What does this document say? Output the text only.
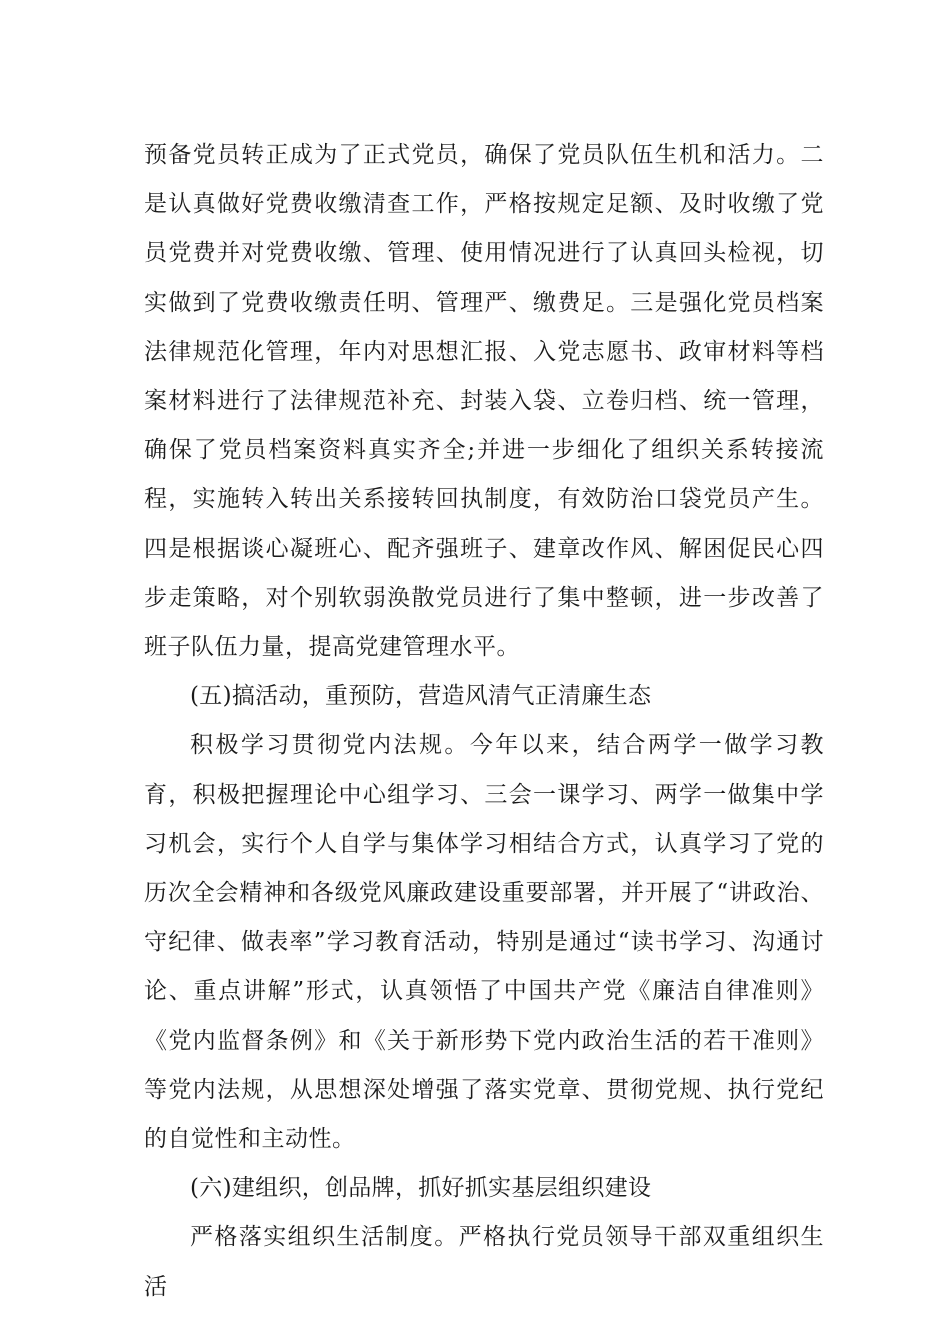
预备党员转正成为了正式党员，确保了党员队伍生机和活力。二是认真做好党费收缴清查工作，严格按规定足额、及时收缴了党员党费并对党费收缴、管理、使用情况进行了认真回头检视，切实做到了党费收缴责任明、管理严、缴费足。三是强化党员档案法律规范化管理，年内对思想汇报、入党志愿书、政审材料等档案材料进行了法律规范补充、封装入袋、立卷归档、统一管理，确保了党员档案资料真实齐全;并进一步细化了组织关系转接流程，实施转入转出关系接转回执制度，有效防治口袋党员产生。四是根据谈心凝班心、配齐强班子、建章改作风、解困促民心四步走策略，对个别软弱涣散党员进行了集中整顿，进一步改善了班子队伍力量，提高党建管理水平。

(五)搞活动，重预防，营造风清气正清廉生态

积极学习贯彻党内法规。今年以来，结合两学一做学习教育，积极把握理论中心组学习、三会一课学习、两学一做集中学习机会，实行个人自学与集体学习相结合方式，认真学习了党的历次全会精神和各级党风廉政建设重要部署，并开展了“讲政治、守纪律、做表率”学习教育活动，特别是通过“读书学习、沟通讨论、重点讲解”形式，认真领悟了中国共产党《廉洁自律准则》《党内监督条例》和《关于新形势下党内政治生活的若干准则》等党内法规，从思想深处增强了落实党章、贯彻党规、执行党纪的自觉性和主动性。

(六)建组织，创品牌，抓好抓实基层组织建设

严格落实组织生活制度。严格执行党员领导干部双重组织生活
